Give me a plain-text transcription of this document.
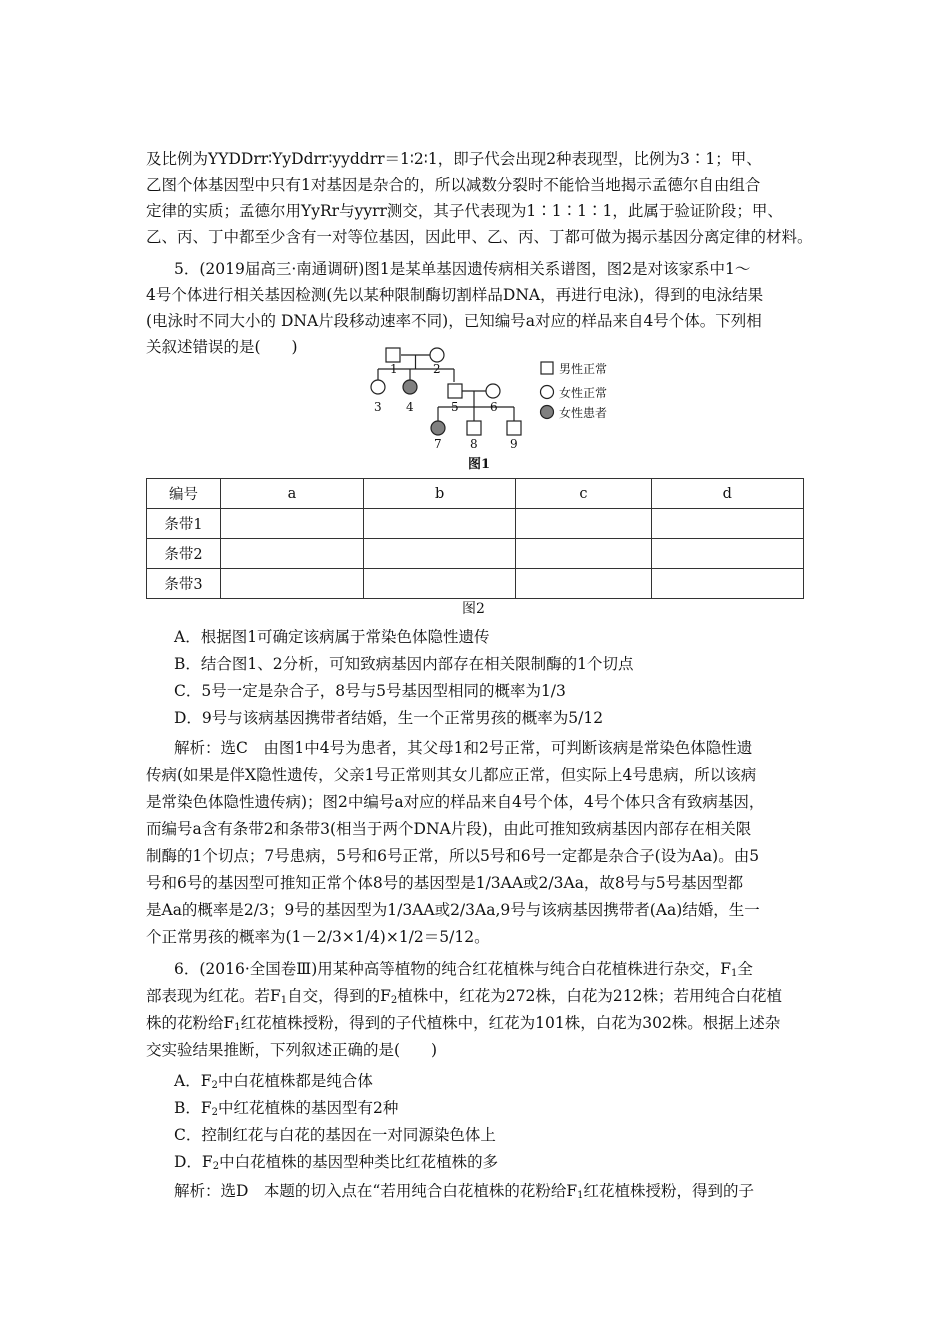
及比例为YYDDrr∶YyDdrr∶yyddrr＝1∶2∶1，即子代会出现2种表现型，比例为3∶1；甲、

乙图个体基因型中只有1对基因是杂合的，所以减数分裂时不能恰当地揭示孟德尔自由组合

定律的实质；孟德尔用YyRr与yyrr测交，其子代表现为1∶1∶1∶1，此属于验证阶段；甲、

乙、丙、丁中都至少含有一对等位基因，因此甲、乙、丙、丁都可做为揭示基因分离定律的材料。

5．(2019届高三·南通调研)图1是某单基因遗传病相关系谱图，图2是对该家系中1～

4号个体进行相关基因检测(先以某种限制酶切割样品DNA，再进行电泳)，得到的电泳结果

(电泳时不同大小的 DNA片段移动速率不同)，已知编号a对应的样品来自4号个体。下列相

关叙述错误的是(　　)

1	2
3 4	5	6
7 8	9
男性正常
女性正常
女性患者
图1
编号	a	b	c	d
条带1				
条带2				
条带3				
图2

A．根据图1可确定该病属于常染色体隐性遗传

B．结合图1、2分析，可知致病基因内部存在相关限制酶的1个切点

C．5号一定是杂合子，8号与5号基因型相同的概率为1/3

D．9号与该病基因携带者结婚，生一个正常男孩的概率为5/12

解析：选C　由图1中4号为患者，其父母1和2号正常，可判断该病是常染色体隐性遗

传病(如果是伴X隐性遗传，父亲1号正常则其女儿都应正常，但实际上4号患病，所以该病

是常染色体隐性遗传病)；图2中编号a对应的样品来自4号个体，4号个体只含有致病基因，

而编号a含有条带2和条带3(相当于两个DNA片段)，由此可推知致病基因内部存在相关限

制酶的1个切点；7号患病，5号和6号正常，所以5号和6号一定都是杂合子(设为Aa)。由5

号和6号的基因型可推知正常个体8号的基因型是1/3AA或2/3Aa，故8号与5号基因型都

是Aa的概率是2/3；9号的基因型为1/3AA或2/3Aa,9号与该病基因携带者(Aa)结婚，生一

个正常男孩的概率为(1－2/3×1/4)×1/2＝5/12。

6．(2016·全国卷Ⅲ)用某种高等植物的纯合红花植株与纯合白花植株进行杂交，$F_1$全

部表现为红花。若$F_1$自交，得到的$F_2$植株中，红花为272株，白花为212株；若用纯合白花植

株的花粉给$F_1$红花植株授粉，得到的子代植株中，红花为101株，白花为302株。根据上述杂

交实验结果推断，下列叙述正确的是(　　)

A．$F_2$中白花植株都是纯合体

B．$F_2$中红花植株的基因型有2种

C．控制红花与白花的基因在一对同源染色体上

D．$F_2$中白花植株的基因型种类比红花植株的多

解析：选D　本题的切入点在“若用纯合白花植株的花粉给$F_1$红花植株授粉，得到的子
